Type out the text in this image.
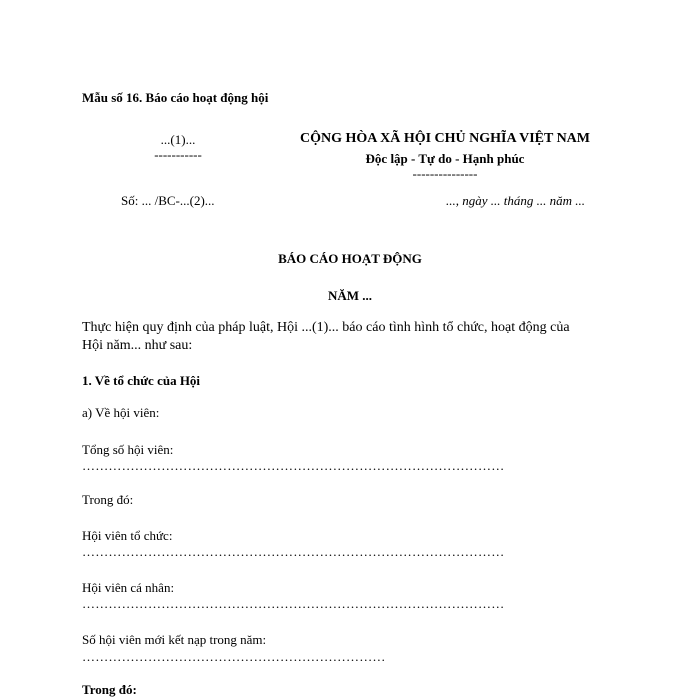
Mẫu số 16. Báo cáo hoạt động hội
...(1)...
-----------
Số: ... /BC-...(2)...
CỘNG HÒA XÃ HỘI CHỦ NGHĨA VIỆT NAM
Độc lập - Tự do - Hạnh phúc
---------------
..., ngày ... tháng ... năm ...
BÁO CÁO HOẠT ĐỘNG
NĂM ...
Thực hiện quy định của pháp luật, Hội ...(1)... báo cáo tình hình tổ chức, hoạt động của
Hội năm... như sau:
1. Về tổ chức của Hội
a) Về hội viên:
Tổng số hội viên:
……………………………………………………………………………………
Trong đó:
Hội viên tổ chức:
……………………………………………………………………………………
Hội viên cá nhân:
……………………………………………………………………………………
Số hội viên mới kết nạp trong năm:
……………………………………………………………
Trong đó:
